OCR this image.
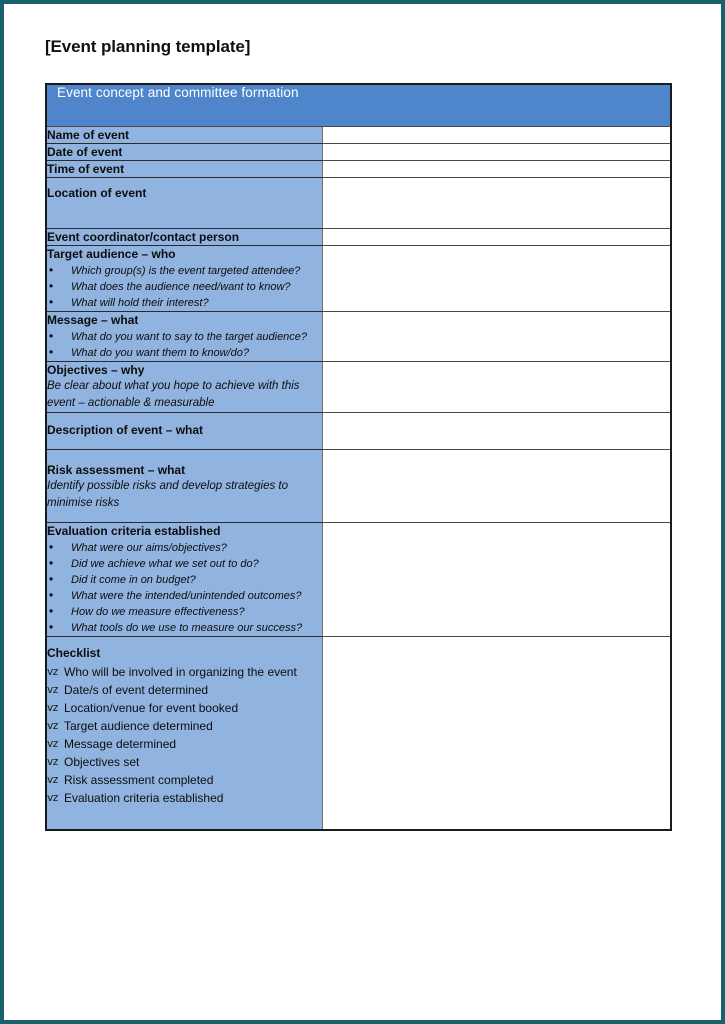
[Event planning template]
Event concept and committee formation	

Name of event	

Date of event	

Time of event	

Location of event	

Event coordinator/contact person	

Target audience – who
• Which group(s) is the event targeted attendee?
• What does the audience need/want to know?
• What will hold their interest?

Message – what
• What do you want to say to the target audience?
• What do you want them to know/do?

Objectives – why
Be clear about what you hope to achieve with this event – actionable & measurable	

Description of event – what	

Risk assessment – what
Identify possible risks and develop strategies to minimise risks	

Evaluation criteria established
• What were our aims/objectives?
• Did we achieve what we set out to do?
• Did it come in on budget?
• What were the intended/unintended outcomes?
• How do we measure effectiveness?
• What tools do we use to measure our success?

Checklist
vz Who will be involved in organizing the event
vz Date/s of event determined
vz Location/venue for event booked
vz Target audience determined
vz Message determined
vz Objectives set
vz Risk assessment completed
vz Evaluation criteria established
